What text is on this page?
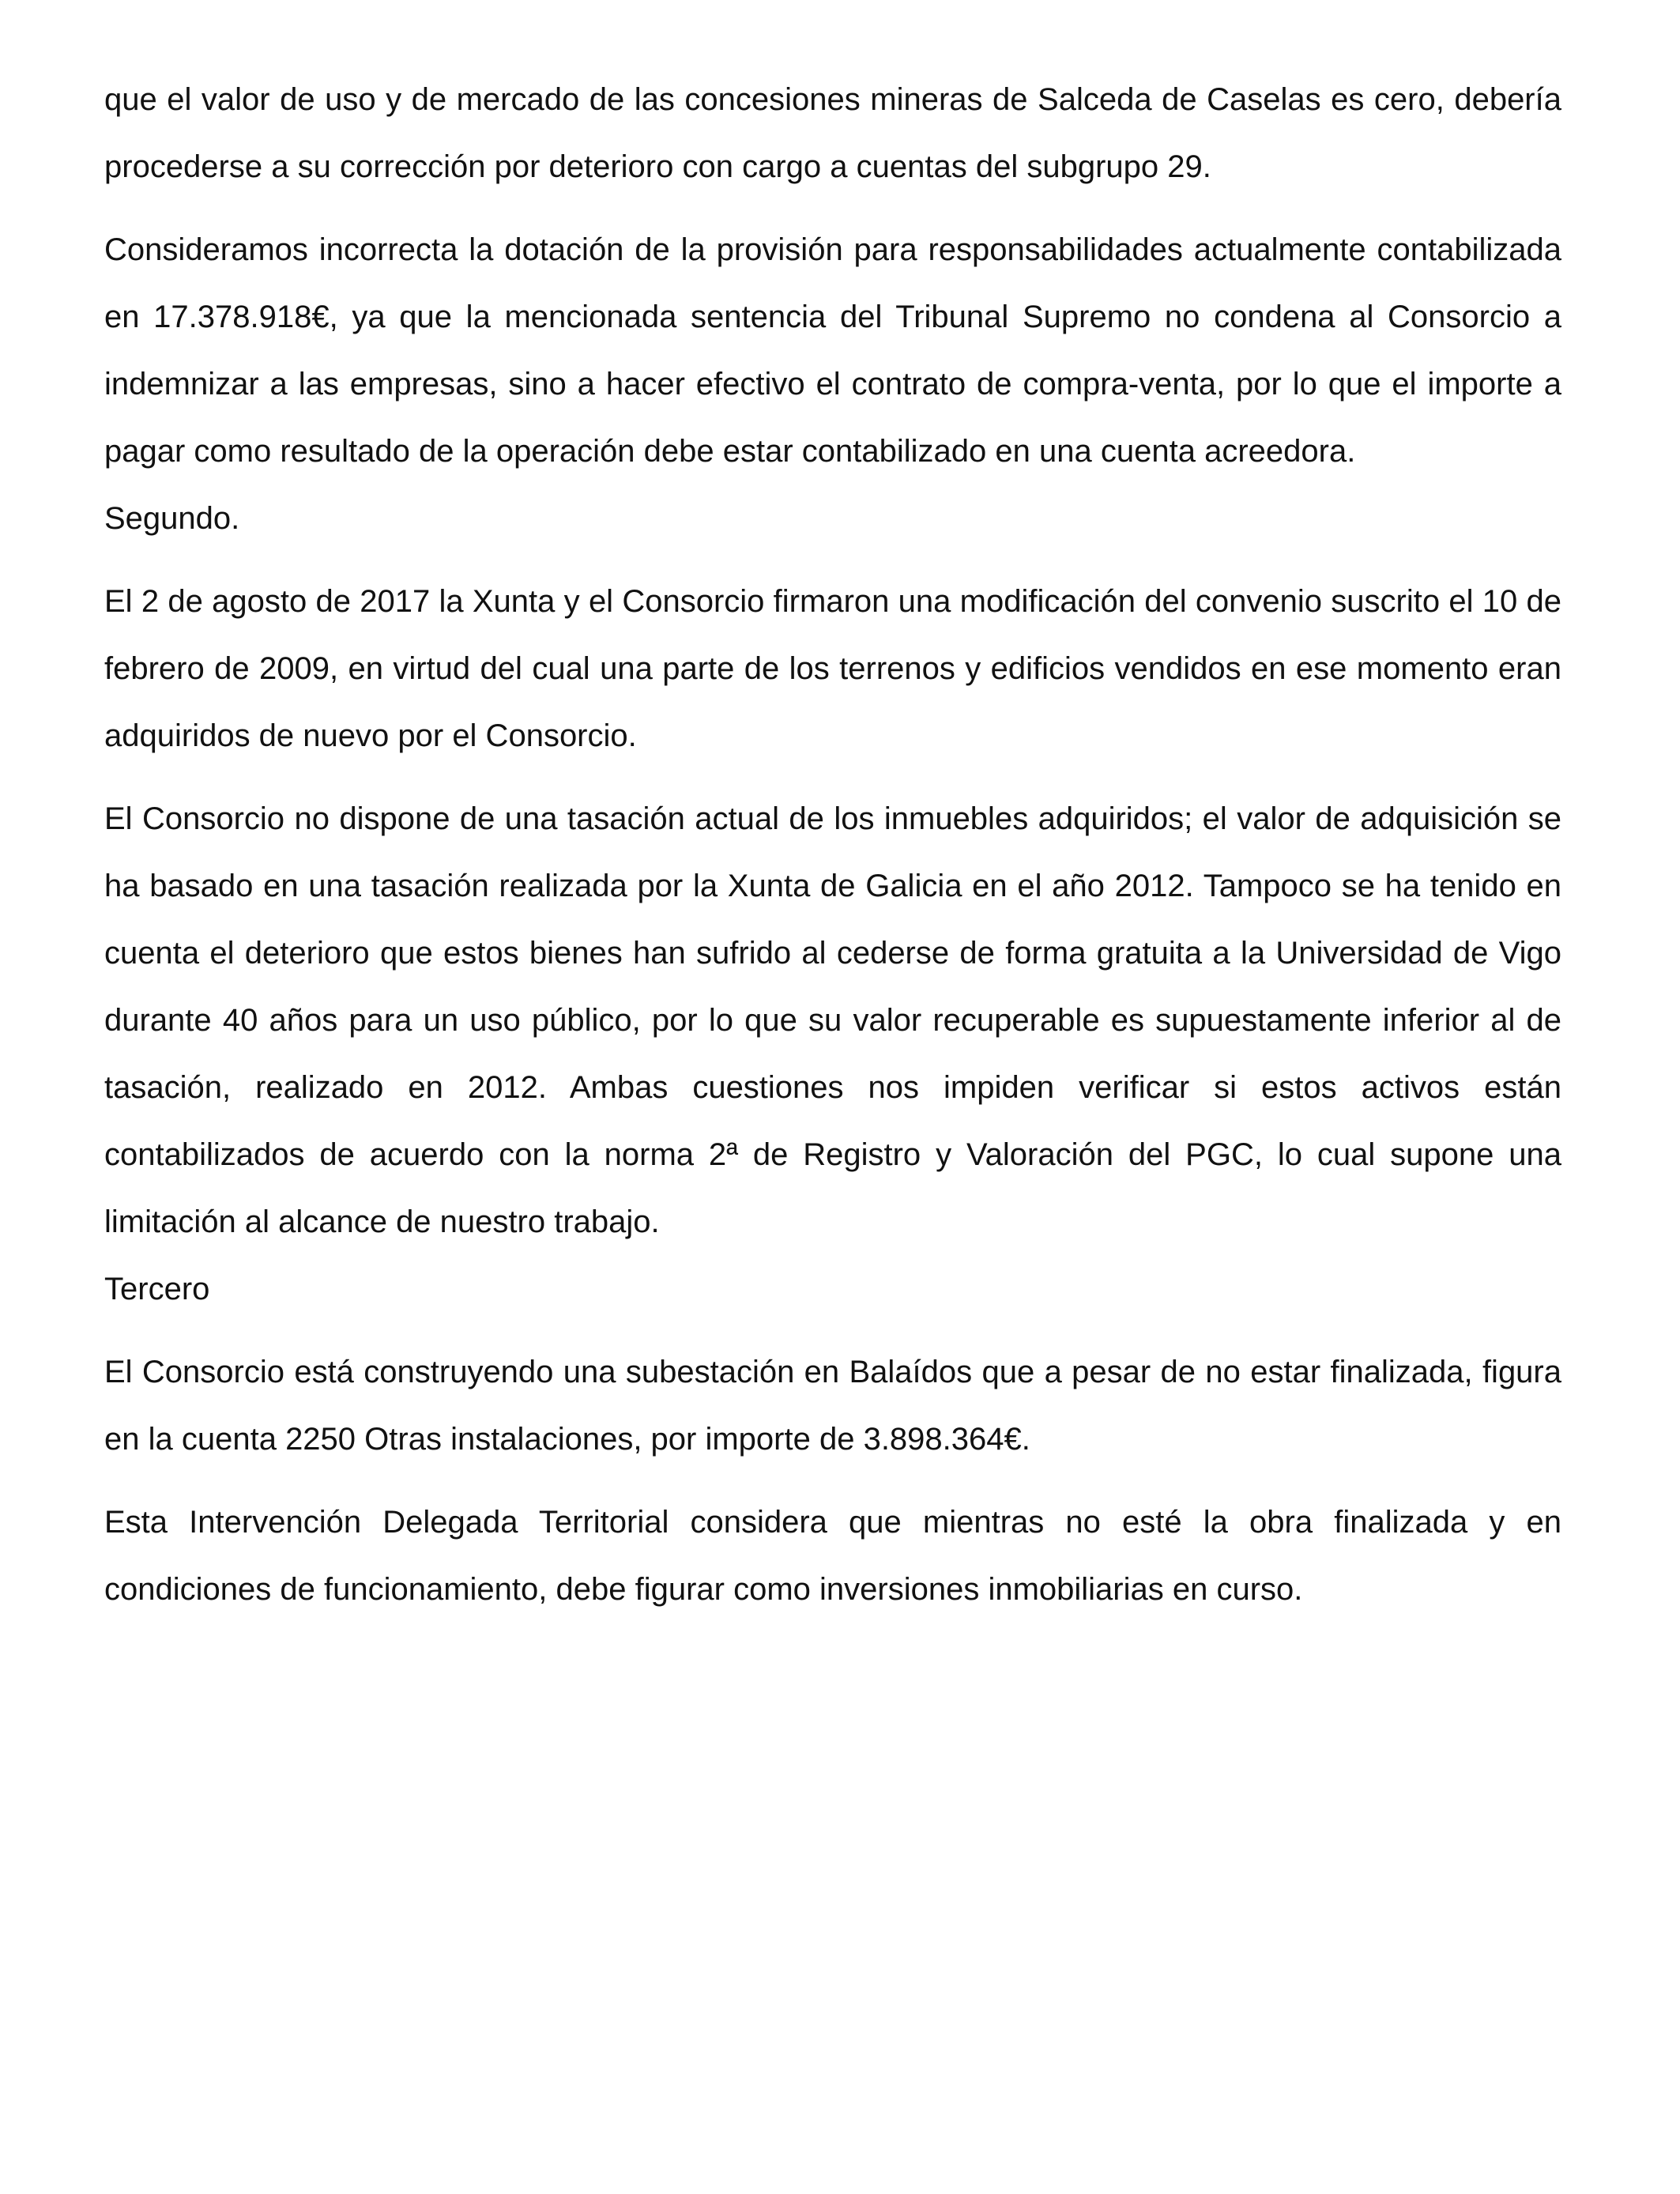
que el valor de uso y de mercado de las concesiones mineras de Salceda de Caselas es cero, debería procederse a su corrección por deterioro con cargo a cuentas del subgrupo 29.

Consideramos incorrecta la dotación de la provisión para responsabilidades actualmente contabilizada en 17.378.918€, ya que la mencionada sentencia del Tribunal Supremo no condena al Consorcio a indemnizar a las empresas, sino a hacer efectivo el contrato de compra-venta, por lo que el importe a pagar como resultado de la operación debe estar contabilizado en una cuenta acreedora.

Segundo.

El 2 de agosto de 2017 la Xunta y el Consorcio firmaron una modificación del convenio suscrito el 10 de febrero de 2009, en virtud del cual una parte de los terrenos y edificios vendidos en ese momento eran adquiridos de nuevo por el Consorcio.

El Consorcio no dispone de una tasación actual de los inmuebles adquiridos; el valor de adquisición se ha basado en una tasación realizada por la Xunta de Galicia en el año 2012. Tampoco se ha tenido en cuenta el deterioro que estos bienes han sufrido al cederse de forma gratuita a la Universidad de Vigo durante 40 años para un uso público, por lo que su valor recuperable es supuestamente inferior al de tasación, realizado en 2012. Ambas cuestiones nos impiden verificar si estos activos están contabilizados de acuerdo con la norma 2ª de Registro y Valoración del PGC, lo cual supone una limitación al alcance de nuestro trabajo.

Tercero

El Consorcio está construyendo una subestación en Balaídos que a pesar de no estar finalizada, figura en la cuenta 2250 Otras instalaciones, por importe de 3.898.364€.

Esta Intervención Delegada Territorial considera que mientras no esté la obra finalizada y en condiciones de funcionamiento, debe figurar como inversiones inmobiliarias en curso.
